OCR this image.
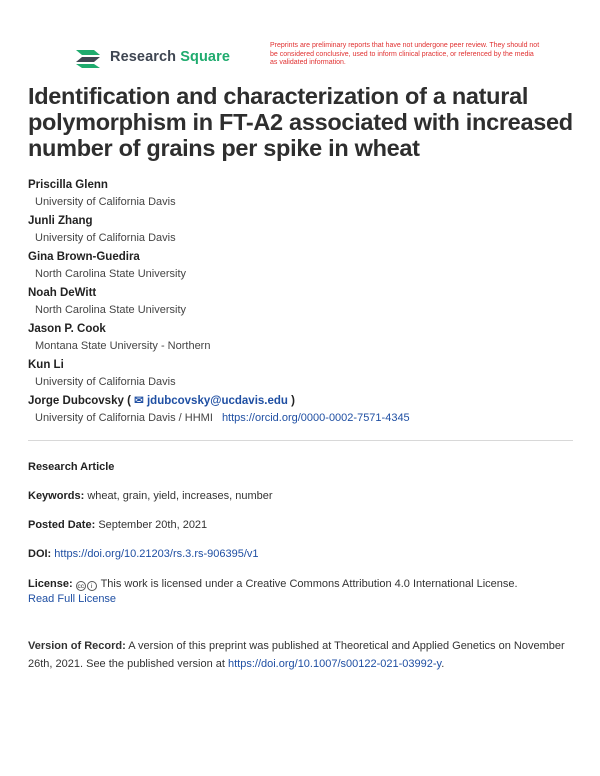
Research Square
Preprints are preliminary reports that have not undergone peer review. They should not be considered conclusive, used to inform clinical practice, or referenced by the media as validated information.
Identification and characterization of a natural polymorphism in FT-A2 associated with increased number of grains per spike in wheat
Priscilla Glenn
University of California Davis
Junli Zhang
University of California Davis
Gina Brown-Guedira
North Carolina State University
Noah DeWitt
North Carolina State University
Jason P. Cook
Montana State University - Northern
Kun Li
University of California Davis
Jorge Dubcovsky ( ✉ jdubcovsky@ucdavis.edu )
University of California Davis / HHMI https://orcid.org/0000-0002-7571-4345
Research Article
Keywords: wheat, grain, yield, increases, number
Posted Date: September 20th, 2021
DOI: https://doi.org/10.21203/rs.3.rs-906395/v1
License: cc i This work is licensed under a Creative Commons Attribution 4.0 International License.
Read Full License
Version of Record: A version of this preprint was published at Theoretical and Applied Genetics on November 26th, 2021. See the published version at https://doi.org/10.1007/s00122-021-03992-y.
